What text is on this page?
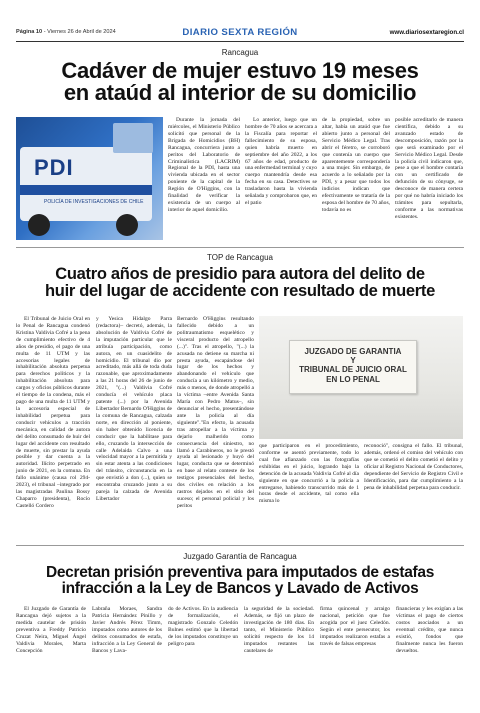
Página 10 - Viernes 26 de Abril de 2024	DIARIO SEXTA REGIÓN	www.diariosextaregion.cl
Rancagua
Cadáver de mujer estuvo 19 meses
en ataúd al interior de su domicilio
PDI
POLICÍA DE INVESTIGACIONES DE CHILE

Durante la jornada del miércoles, el Ministerio Público solicitó que personal de la Brigada de Homicidios (BH) Rancagua, concurriera junto a peritos del Laboratorio de Criminalística (LACRIM) Regional de la PDI, hasta una vivienda ubicada en el sector poniente de la capital de la Región de O'Higgins, con la finalidad de verificar la existencia de un cuerpo al interior de aquel domicilio.

Lo anterior, luego que un hombre de 70 años se acercara a la Fiscalía para reportar el fallecimiento de su esposa, quien habría muerto en septiembre del año 2022, a los 67 años de edad, producto de una enfermedad terminal y cuyo cuerpo mantendría desde esa fecha en su casa. Detectives se trasladaron hasta la vivienda señalada y comprobaron que, en el patio

de la propiedad, sobre un altar, había un ataúd que fue abierto junto a personal del Servicio Médico Legal. Tras abrir el féretro, se corroboró que contenía un cuerpo que aparentemente correspondería a una mujer. Sin embargo, de acuerdo a lo señalado por la PDI, y a pesar que todos los indicios indican que efectivamente se trataría de la esposa del hombre de 70 años, todavía no es

posible acreditarlo de manera científica, debido a su avanzado estado de descomposición, razón por la que será examinado por el Servicio Médico Legal. Desde la policía civil indicaron que, pese a que el hombre contaría con un certificado de defunción de su cónyuge, se desconoce de manera certera por qué no habría iniciado los trámites para sepultarla, conforme a las normativas existentes.

TOP de Rancagua
Cuatro años de presidio para autora del delito de
huir del lugar de accidente con resultado de muerte

El Tribunal de Juicio Oral en lo Penal de Rancagua condenó Kristina Valdivia Cofré a la pena de cumplimiento efectivo de 4 años de presidio, el pago de una multa de 11 UTM y las accesorias legales de inhabilitación absoluta perpetua para derechos políticos y la inhabilitación absoluta para cargos y oficios públicos durante el tiempo de la condena, más el pago de una multa de 11 UTM y la accesoria especial de inhabilidad perpetua para conducir vehículos a tracción mecánica, en calidad de autora del delito consumado de huir del lugar del accidente con resultado de muerte, sin prestar la ayuda posible y dar cuenta a la autoridad. Ilícito perpetrado en junio de 2021, en la comuna. En fallo unánime (causa rol 294-2023), el tribunal –integrado por las magistradas Paulina Bossy Chaparro (presidenta), Rocío Castelló Cordero

y Yesica Hidalgo Parra (redactora)– decretó, además, la absolución de Valdivia Cofré de la imputación particular que le atribuía participación, como autora, en un cuasidelito de homicidio. El tribunal dio por acreditado, más allá de toda duda razonable, que aproximadamente a las 21 horas del 26 de junio de 2021, "(...) Valdivia Cofré conducía el vehículo placa patente (...) por la Avenida Libertador Bernardo O'Higgins de la comuna de Rancagua, calzada norte, en dirección al poniente, sin haber obtenido licencia de conducir que la habilitase para ello, cruzando la intersección de calle Adelaida Calvo a una velocidad mayor a la permitida y sin estar atenta a las condiciones del tránsito, circunstancia en la que envistió a don (...), quien se encontraba cruzando junto a su pareja la calzada de Avenida Libertador

Bernardo O'Higgins resultando fallecido debido a un politraumatismo esquelético y visceral producto del atropello (...)". Tras el atropello, "(...) la acusada no detiene su marcha ni presta ayuda, escapándose del lugar de los hechos y abandonando el vehículo que conducía a un kilómetro y medio, más o menos, de donde atropelló a la víctima –entre Avenida Santa María con Pedro Matus–, sin denunciar el hecho, presentándose ante la policía al día siguiente"."En efecto, la acusada tras atropellar a la víctima y dejarlo malherido como consecuencia del siniestro, no llamó a Carabineros, no le prestó ayuda al lesionado y huyó del lugar, conducta que se determinó en base al relato conteste de los testigos presenciales del hecho, dos civiles en relación a los rastros dejados en el sitio del suceso; el personal policial y los peritos

JUZGADO DE GARANTIA
Y
TRIBUNAL DE JUICIO ORAL
EN LO PENAL

que participaron en el procedimiento, conforme se asentó previamente, todo lo cual fue afianzado con las fotografías exhibidas en el juicio, logrando bajo la detención de la acusada Valdivia Cofré al día siguiente en que concurrió a la policía a entregarse, habiendo transcurrido más de 1 horas desde el accidente, tal como ella misma lo

reconoció", consigna el fallo. El tribunal, además, ordenó el comiso del vehículo con que se cometió el delito cometió el delito y oficiar al Registro Nacional de Conductores, dependiente del Servicio de Registro Civil e Identificación, para dar cumplimiento a la pena de inhabilidad perpetua para conducir.

Juzgado Garantía de Rancagua
Decretan prisión preventiva para imputados de estafas
infracción a la Ley de Bancos y Lavado de Activos

El Juzgado de Garantía de Rancagua dejó sujetos a la medida cautelar de prisión preventiva a Freddy Patricio Cruzat Neira, Miguel Ángel Valdivia Morales, Marta Concepción

Labraña Moraes, Sandra Patricia Hernández Pinillo y Javier Andrés Pérez Timm, imputados como autores de los delitos consumados de estafa, infracción a la Ley General de Bancos y Lava-

do de Activos. En la audiencia de formalización, el magistrado Gonzalo Celedón Bulnes estimó que la libertad de los imputados constituye un peligro para

la seguridad de la sociedad. Además, se fijó un plazo de investigación de 180 días. En tanto, el Ministerio Público solicitó respecto de los 14 imputados restantes las cautelares de

firma quincenal y arraigo nacional, petición que fue acogida por el juez Celedón. Según el ente persecutor, los imputados realizaron estafas a través de falsas empresas

financieras y les exigían a las víctimas el pago de ciertos costos asociados a un eventual crédito, que nunca existió, fondos que finalmente nunca les fueron devueltos.
